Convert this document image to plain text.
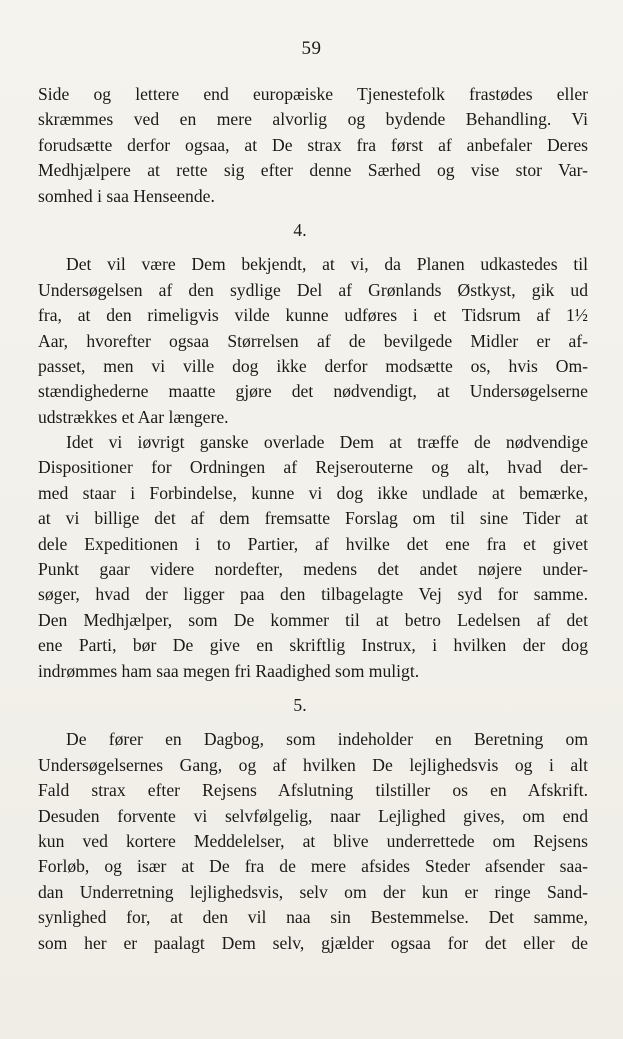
59
Side og lettere end europæiske Tjenestefolk frastødes eller
skræmmes ved en mere alvorlig og bydende Behandling. Vi
forudsætte derfor ogsaa, at De strax fra først af anbefaler Deres
Medhjælpere at rette sig efter denne Særhed og vise stor Var-
somhed i saa Henseende.
4.
Det vil være Dem bekjendt, at vi, da Planen udkastedes til
Undersøgelsen af den sydlige Del af Grønlands Østkyst, gik ud
fra, at den rimeligvis vilde kunne udføres i et Tidsrum af 1½
Aar, hvorefter ogsaa Størrelsen af de bevilgede Midler er af-
passet, men vi ville dog ikke derfor modsætte os, hvis Om-
stændighederne maatte gjøre det nødvendigt, at Undersøgelserne
udstrækkes et Aar længere.
Idet vi iøvrigt ganske overlade Dem at træffe de nødvendige
Dispositioner for Ordningen af Rejserouterne og alt, hvad der-
med staar i Forbindelse, kunne vi dog ikke undlade at bemærke,
at vi billige det af dem fremsatte Forslag om til sine Tider at
dele Expeditionen i to Partier, af hvilke det ene fra et givet
Punkt gaar videre nordefter, medens det andet nøjere under-
søger, hvad der ligger paa den tilbagelagte Vej syd for samme.
Den Medhjælper, som De kommer til at betro Ledelsen af det
ene Parti, bør De give en skriftlig Instrux, i hvilken der dog
indrømmes ham saa megen fri Raadighed som muligt.
5.
De fører en Dagbog, som indeholder en Beretning om
Undersøgelsernes Gang, og af hvilken De lejlighedsvis og i alt
Fald strax efter Rejsens Afslutning tilstiller os en Afskrift.
Desuden forvente vi selvfølgelig, naar Lejlighed gives, om end
kun ved kortere Meddelelser, at blive underrettede om Rejsens
Forløb, og især at De fra de mere afsides Steder afsender saa-
dan Underretning lejlighedsvis, selv om der kun er ringe Sand-
synlighed for, at den vil naa sin Bestemmelse. Det samme,
som her er paalagt Dem selv, gjælder ogsaa for det eller de
